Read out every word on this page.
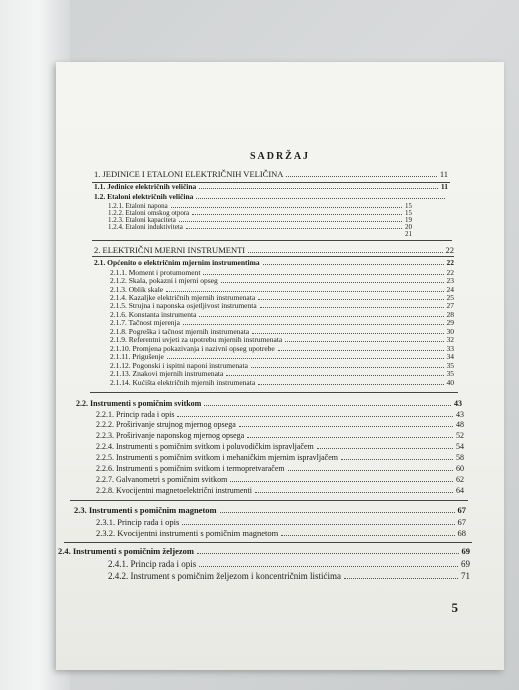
SADRŽAJ
1. JEDINICE I ETALONI ELEKTRIČNIH VELIČINA	11
1.1. Jedinice električnih veličina	11
1.2. Etaloni električnih veličina
1.2.1. Etaloni napona	15
1.2.2. Etaloni omskog otpora	15
1.2.3. Etaloni kapaciteta	19
1.2.4. Etaloni induktiviteta	20
21
2. ELEKTRIČNI MJERNI INSTRUMENTI	22
2.1. Općenito o električnim mjernim instrumentima	22
2.1.1. Moment i protumoment	22
2.1.2. Skala, pokazni i mjerni opseg	23
2.1.3. Oblik skale	24
2.1.4. Kazaljke električnih mjernih instrumenata	25
2.1.5. Struјna i naponska osjetljivost instrumenta	27
2.1.6. Konstanta instrumenta	28
2.1.7. Tačnost mjerenja	29
2.1.8. Pogreška i tačnost mjernih instrumenata	30
2.1.9. Referentni uvjeti za upotrebu mjernih instrumenata	32
2.1.10. Promjena pokazivanja i nazivni opseg upotrebe	33
2.1.11. Prigušenje	34
2.1.12. Pogonski i ispitni naponi instrumenata	35
2.1.13. Znakovi mjernih instrumenata	35
2.1.14. Kućišta električnih mjernih instrumenata	40
2.2. Instrumenti s pomičnim svitkom	43
2.2.1. Princip rada i opis	43
2.2.2. Proširivanje strujnog mjernog opsega	48
2.2.3. Proširivanje naponskog mjernog opsega	52
2.2.4. Instrumenti s pomičnim svitkom i poluvodičkim ispravljačem	54
2.2.5. Instrumenti s pomičnim svitkom i mehaničkim mjernim ispravljačem	58
2.2.6. Instrumenti s pomičnim svitkom i termopretvaračem	60
2.2.7. Galvanometri s pomičnim svitkom	62
2.2.8. Kvocijentni magnetoelektrični instrumenti	64
2.3. Instrumenti s pomičnim magnetom	67
2.3.1. Princip rada i opis	67
2.3.2. Kvocijentni instrumenti s pomičnim magnetom	68
2.4. Instrumenti s pomičnim željezom	69
2.4.1. Princip rada i opis	69
2.4.2. Instrument s pomičnim željezom i koncentričnim listićima	71
5
